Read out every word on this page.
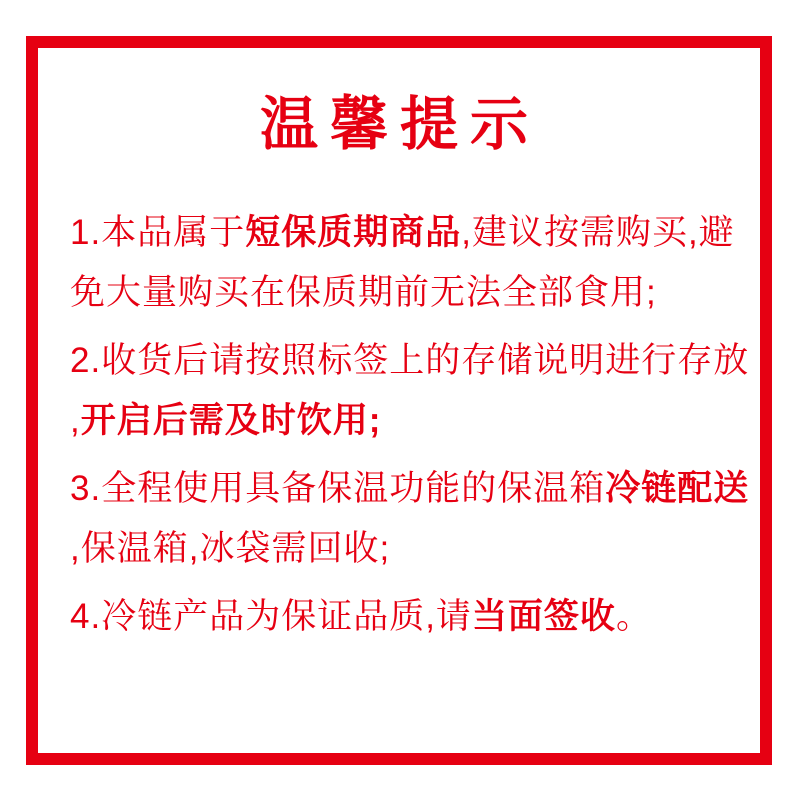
温馨提示
1.本品属于短保质期商品,建议按需购买,避
免大量购买在保质期前无法全部食用;
2.收货后请按照标签上的存储说明进行存放
,开启后需及时饮用;
3.全程使用具备保温功能的保温箱冷链配送
,保温箱,冰袋需回收;
4.冷链产品为保证品质,请当面签收。
